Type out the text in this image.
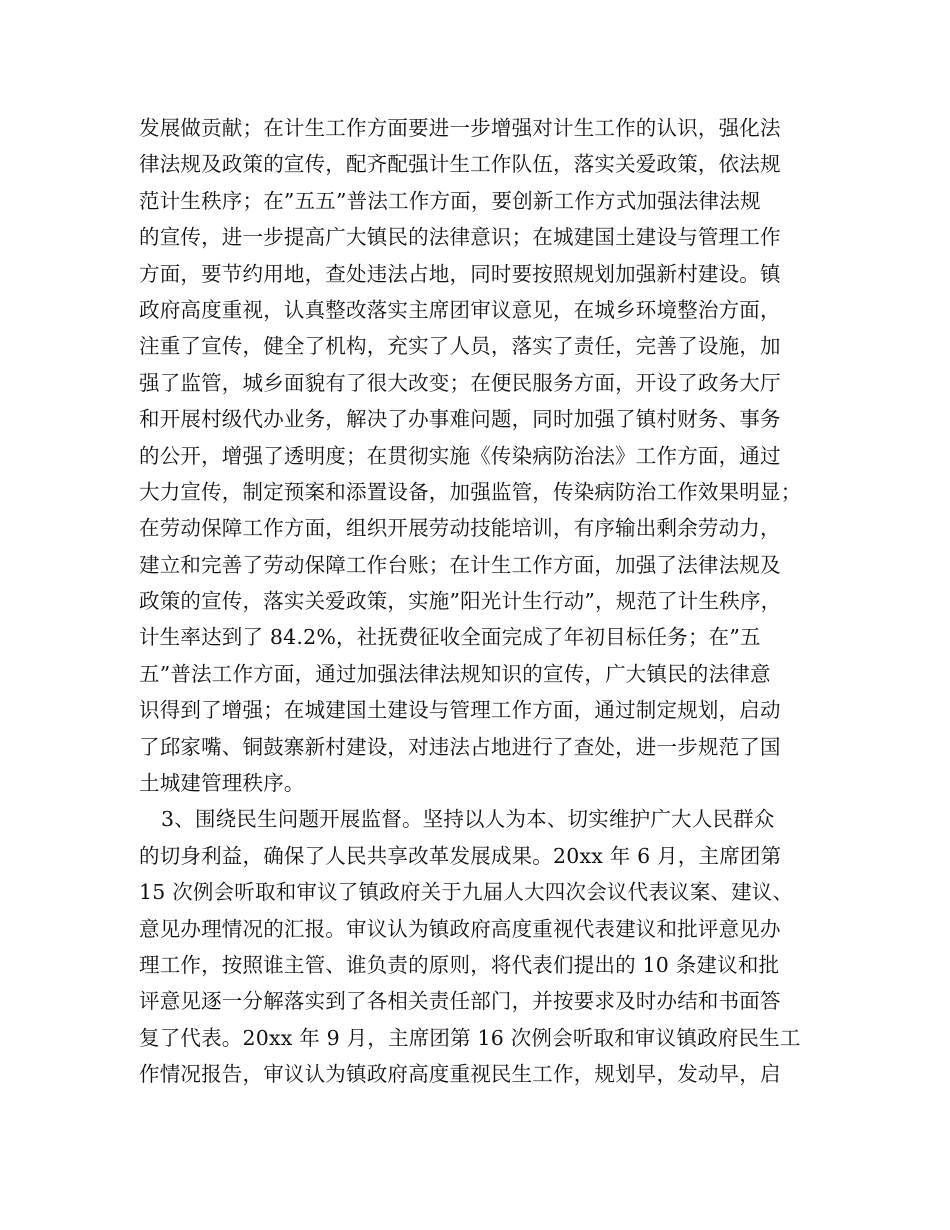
发展做贡献；在计生工作方面要进一步增强对计生工作的认识，强化法
律法规及政策的宣传，配齐配强计生工作队伍，落实关爱政策，依法规
范计生秩序；在”五五”普法工作方面，要创新工作方式加强法律法规
的宣传，进一步提高广大镇民的法律意识；在城建国土建设与管理工作
方面，要节约用地，查处违法占地，同时要按照规划加强新村建设。镇
政府高度重视，认真整改落实主席团审议意见，在城乡环境整治方面，
注重了宣传，健全了机构，充实了人员，落实了责任，完善了设施，加
强了监管，城乡面貌有了很大改变；在便民服务方面，开设了政务大厅
和开展村级代办业务，解决了办事难问题，同时加强了镇村财务、事务
的公开，增强了透明度；在贯彻实施《传染病防治法》工作方面，通过
大力宣传，制定预案和添置设备，加强监管，传染病防治工作效果明显；
在劳动保障工作方面，组织开展劳动技能培训，有序输出剩余劳动力，
建立和完善了劳动保障工作台账；在计生工作方面，加强了法律法规及
政策的宣传，落实关爱政策，实施”阳光计生行动”，规范了计生秩序，
计生率达到了 84.2%，社抚费征收全面完成了年初目标任务；在”五
五”普法工作方面，通过加强法律法规知识的宣传，广大镇民的法律意
识得到了增强；在城建国土建设与管理工作方面，通过制定规划，启动
了邱家嘴、铜鼓寨新村建设，对违法占地进行了查处，进一步规范了国
土城建管理秩序。
3、围绕民生问题开展监督。坚持以人为本、切实维护广大人民群众
的切身利益，确保了人民共享改革发展成果。20xx 年 6 月，主席团第
15 次例会听取和审议了镇政府关于九届人大四次会议代表议案、建议、
意见办理情况的汇报。审议认为镇政府高度重视代表建议和批评意见办
理工作，按照谁主管、谁负责的原则，将代表们提出的 10 条建议和批
评意见逐一分解落实到了各相关责任部门，并按要求及时办结和书面答
复了代表。20xx 年 9 月，主席团第 16 次例会听取和审议镇政府民生工
作情况报告，审议认为镇政府高度重视民生工作，规划早，发动早，启
